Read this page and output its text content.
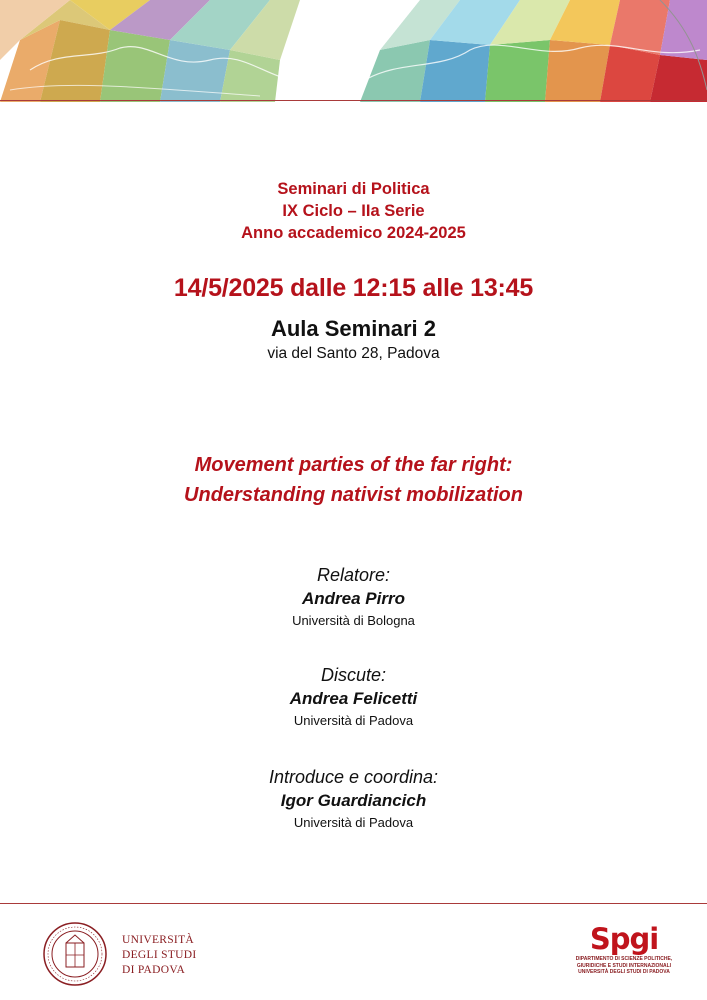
Seminari di Politica
IX Ciclo – IIa Serie
Anno accademico 2024-2025
14/5/2025 dalle 12:15 alle 13:45
Aula Seminari 2
via del Santo 28, Padova
Movement parties of the far right:
Understanding nativist mobilization
Relatore:
Andrea Pirro
Università di Bologna
Discute:
Andrea Felicetti
Università di Padova
Introduce e coordina:
Igor Guardiancich
Università di Padova
UNIVERSITÀ
DEGLI STUDI
DI PADOVA
Spgi
DIPARTIMENTO DI SCIENZE POLITICHE,
GIURIDICHE E STUDI INTERNAZIONALI
UNIVERSITÀ DEGLI STUDI DI PADOVA
